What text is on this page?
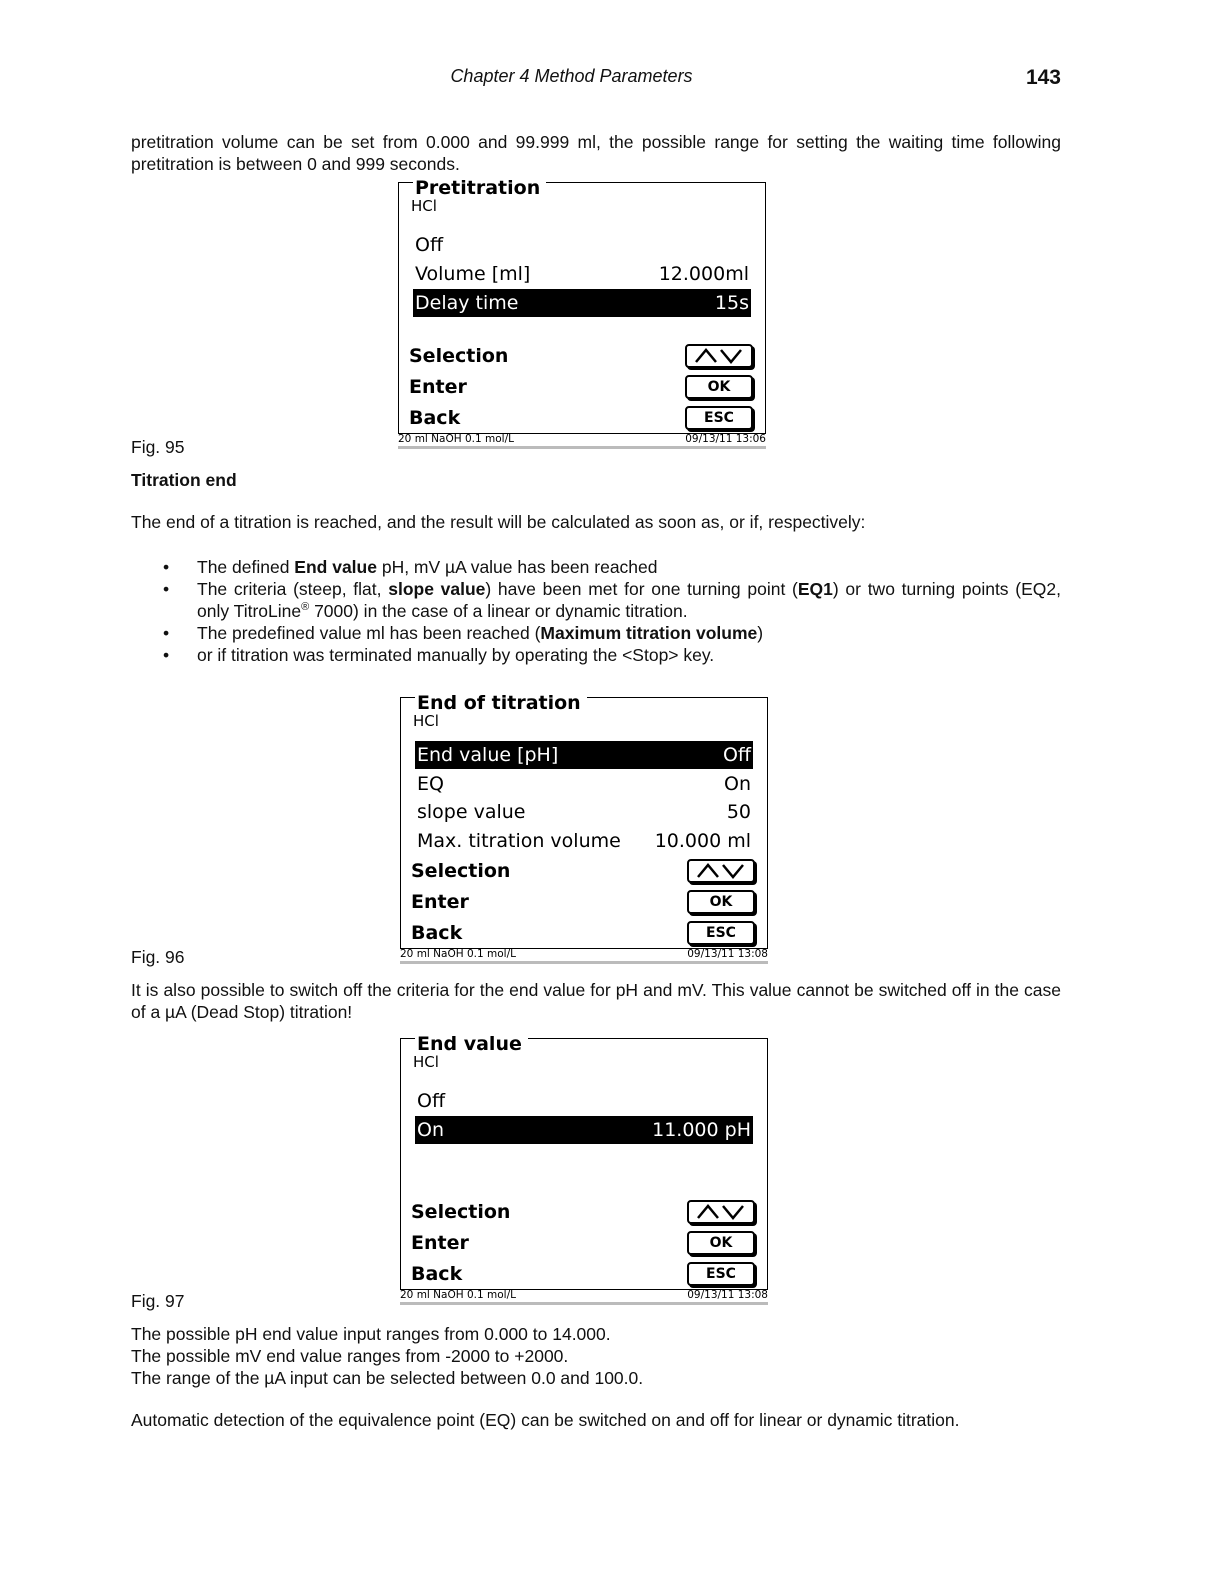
Chapter 4 Method Parameters	143
pretitration volume can be set from 0.000 and 99.999 ml, the possible range for setting the waiting time following pretitration is between 0 and 999 seconds.
Pretitration
HCl
Off
Volume [ml]	12.000ml
Delay time	15s
Selection
Enter	OK
Back	ESC
20 ml NaOH 0.1 mol/L	09/13/11 13:06

Fig. 95
Titration end
The end of a titration is reached, and the result will be calculated as soon as, or if, respectively:
• The defined End value pH, mV µA value has been reached
• The criteria (steep, flat, slope value) have been met for one turning point (EQ1) or two turning points (EQ2, only TitroLine® 7000) in the case of a linear or dynamic titration.
• The predefined value ml has been reached (Maximum titration volume)
• or if titration was terminated manually by operating the <Stop> key.
End of titration
HCl
End value [pH]	Off
EQ	On
slope value	50
Max. titration volume 10.000 ml
Selection
Enter	OK
Back	ESC
20 ml NaOH 0.1 mol/L	09/13/11 13:08

Fig. 96
It is also possible to switch off the criteria for the end value for pH and mV. This value cannot be switched off in the case of a µA (Dead Stop) titration!
End value
HCl
Off
On	11.000 pH
Selection
Enter	OK
Back	ESC
20 ml NaOH 0.1 mol/L	09/13/11 13:08

Fig. 97
The possible pH end value input ranges from 0.000 to 14.000.
The possible mV end value ranges from -2000 to +2000.
The range of the µA input can be selected between 0.0 and 100.0.
Automatic detection of the equivalence point (EQ) can be switched on and off for linear or dynamic titration.
